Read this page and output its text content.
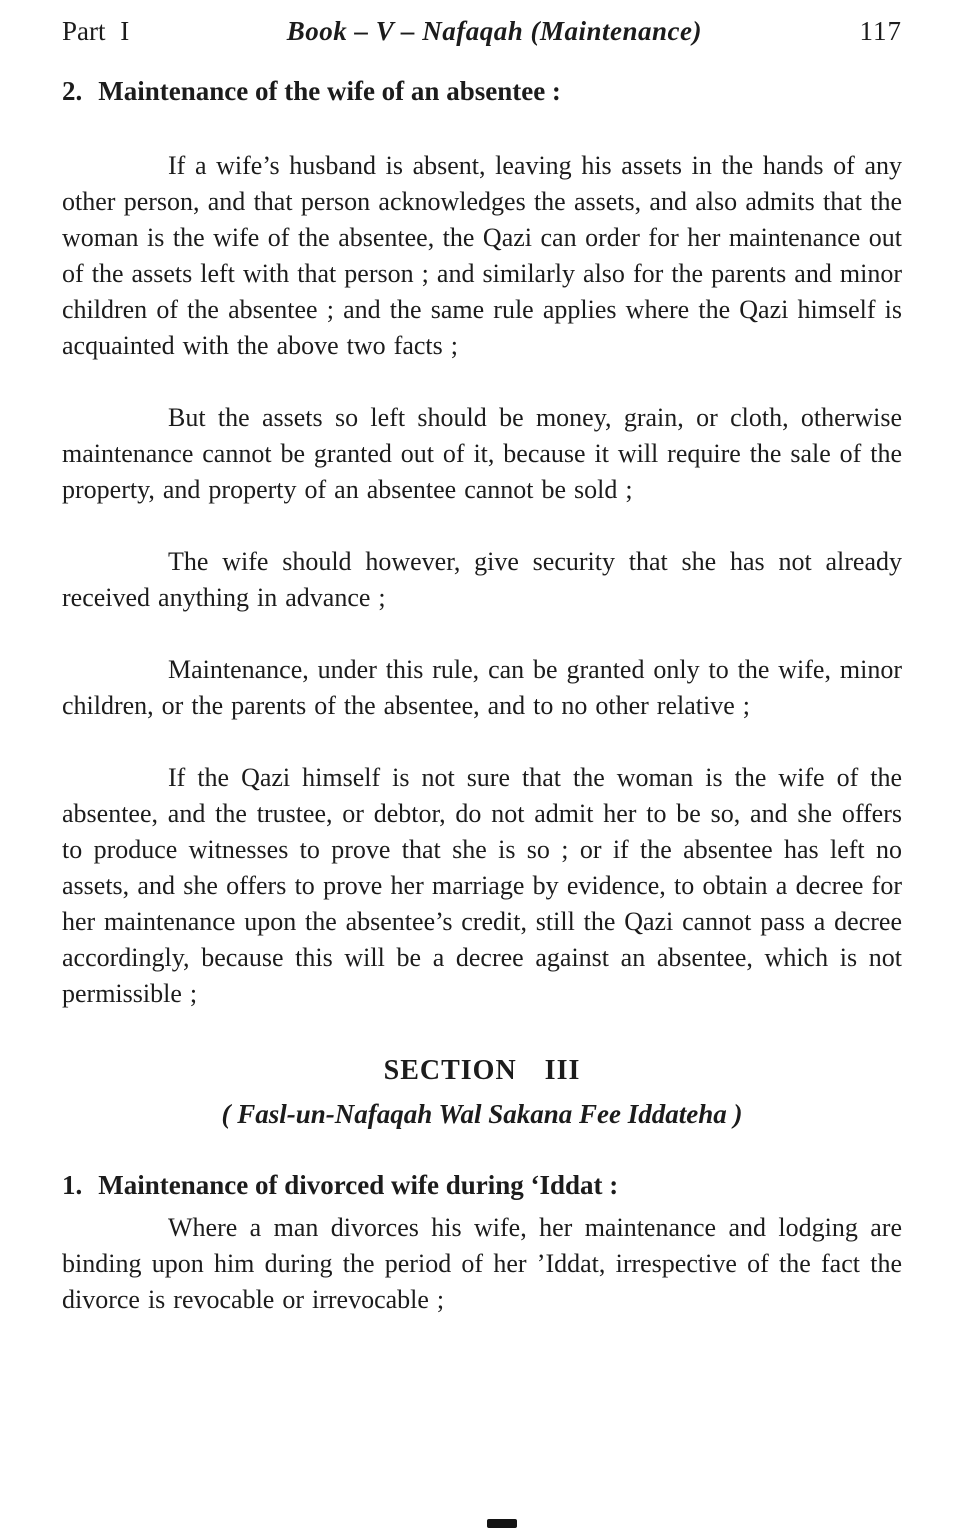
Part I	Book – V – Nafaqah (Maintenance)	117
2. Maintenance of the wife of an absentee :

If a wife’s husband is absent, leaving his assets in the hands of any other person, and that person acknowledges the assets, and also admits that the woman is the wife of the absentee, the Qazi can order for her maintenance out of the assets left with that person ; and similarly also for the parents and minor children of the absentee ; and the same rule applies where the Qazi himself is acquainted with the above two facts ;

But the assets so left should be money, grain, or cloth, otherwise maintenance cannot be granted out of it, because it will require the sale of the property, and property of an absentee cannot be sold ;

The wife should however, give security that she has not already received anything in advance ;

Maintenance, under this rule, can be granted only to the wife, minor children, or the parents of the absentee, and to no other relative ;

If the Qazi himself is not sure that the woman is the wife of the absentee, and the trustee, or debtor, do not admit her to be so, and she offers to produce witnesses to prove that she is so ; or if the absentee has left no assets, and she offers to prove her marriage by evidence, to obtain a decree for her maintenance upon the absentee’s credit, still the Qazi cannot pass a decree accordingly, because this will be a decree against an absentee, which is not permissible ;

SECTION III
( Fasl-un-Nafaqah Wal Sakana Fee Iddateha )
1. Maintenance of divorced wife during ‘Iddat :

Where a man divorces his wife, her maintenance and lodging are binding upon him during the period of her ’Iddat, irrespective of the fact the divorce is revocable or irrevocable ;
